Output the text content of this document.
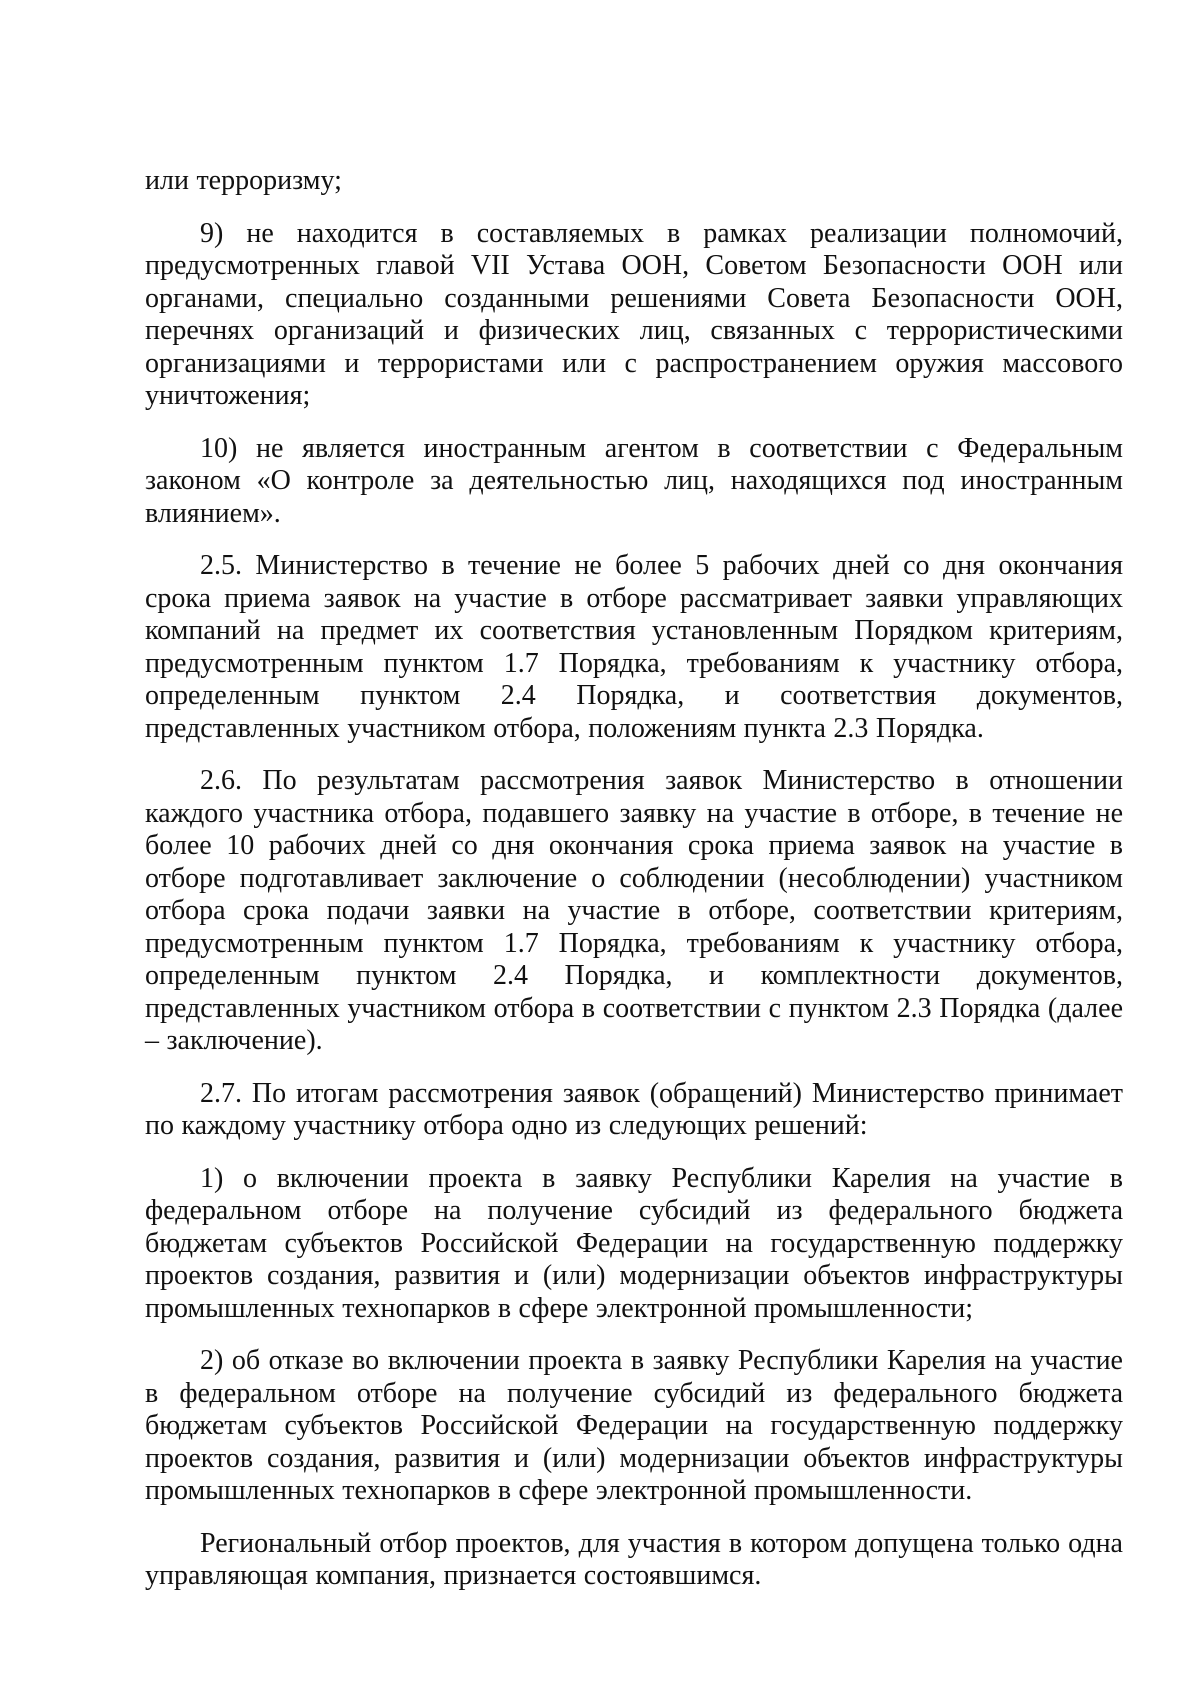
или терроризму;

9) не находится в составляемых в рамках реализации полномочий, предусмотренных главой VII Устава ООН, Советом Безопасности ООН или органами, специально созданными решениями Совета Безопасности ООН, перечнях организаций и физических лиц, связанных с террористическими организациями и террористами или с распространением оружия массового уничтожения;

10) не является иностранным агентом в соответствии с Федеральным законом «О контроле за деятельностью лиц, находящихся под иностранным влиянием».

2.5. Министерство в течение не более 5 рабочих дней со дня окончания срока приема заявок на участие в отборе рассматривает заявки управляющих компаний на предмет их соответствия установленным Порядком критериям, предусмотренным пунктом 1.7 Порядка, требованиям к участнику отбора, определенным пунктом 2.4 Порядка, и соответствия документов, представленных участником отбора, положениям пункта 2.3 Порядка.

2.6. По результатам рассмотрения заявок Министерство в отношении каждого участника отбора, подавшего заявку на участие в отборе, в течение не более 10 рабочих дней со дня окончания срока приема заявок на участие в отборе подготавливает заключение о соблюдении (несоблюдении) участником отбора срока подачи заявки на участие в отборе, соответствии критериям, предусмотренным пунктом 1.7 Порядка, требованиям к участнику отбора, определенным пунктом 2.4 Порядка, и комплектности документов, представленных участником отбора в соответствии с пунктом 2.3 Порядка (далее – заключение).

2.7. По итогам рассмотрения заявок (обращений) Министерство принимает по каждому участнику отбора одно из следующих решений:

1) о включении проекта в заявку Республики Карелия на участие в федеральном отборе на получение субсидий из федерального бюджета бюджетам субъектов Российской Федерации на государственную поддержку проектов создания, развития и (или) модернизации объектов инфраструктуры промышленных технопарков в сфере электронной промышленности;

2) об отказе во включении проекта в заявку Республики Карелия на участие в федеральном отборе на получение субсидий из федерального бюджета бюджетам субъектов Российской Федерации на государственную поддержку проектов создания, развития и (или) модернизации объектов инфраструктуры промышленных технопарков в сфере электронной промышленности.

Региональный отбор проектов, для участия в котором допущена только одна управляющая компания, признается состоявшимся.
